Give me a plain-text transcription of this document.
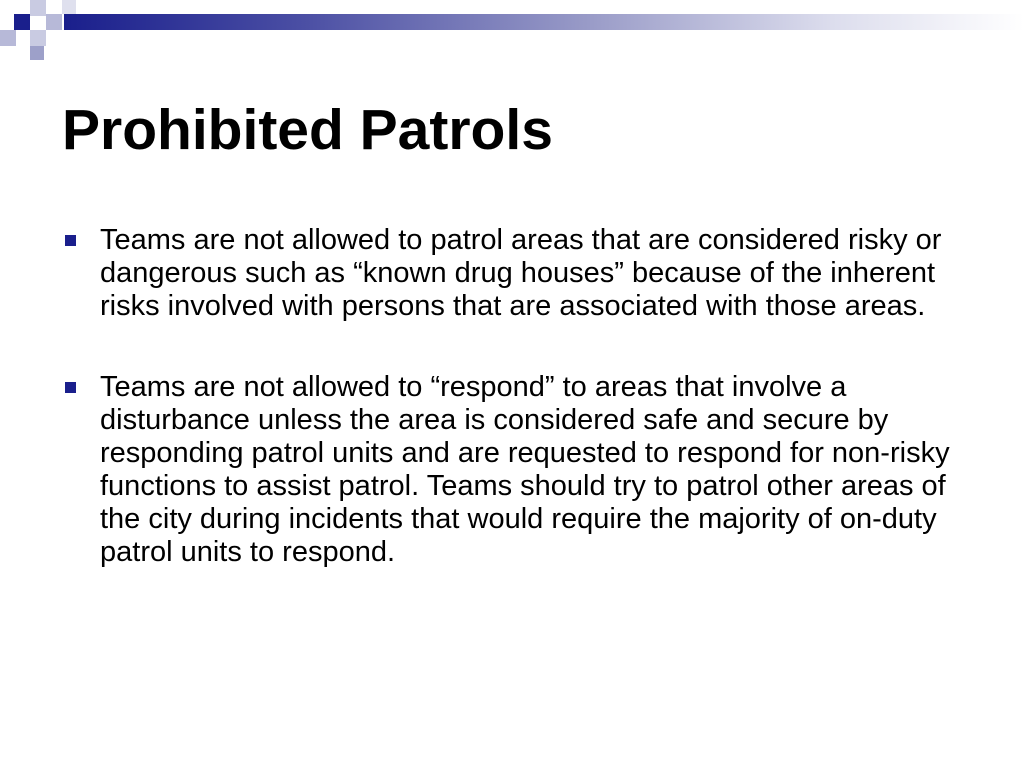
Prohibited Patrols
Teams are not allowed to patrol areas that are considered risky or dangerous such as “known drug houses” because of the inherent risks involved with persons that are associated with those areas.
Teams are not allowed to “respond” to areas that involve a disturbance unless the area is considered safe and secure by responding patrol units and are requested to respond for non-risky functions to assist patrol. Teams should try to patrol other areas of the city during incidents that would require the majority of on-duty patrol units to respond.
